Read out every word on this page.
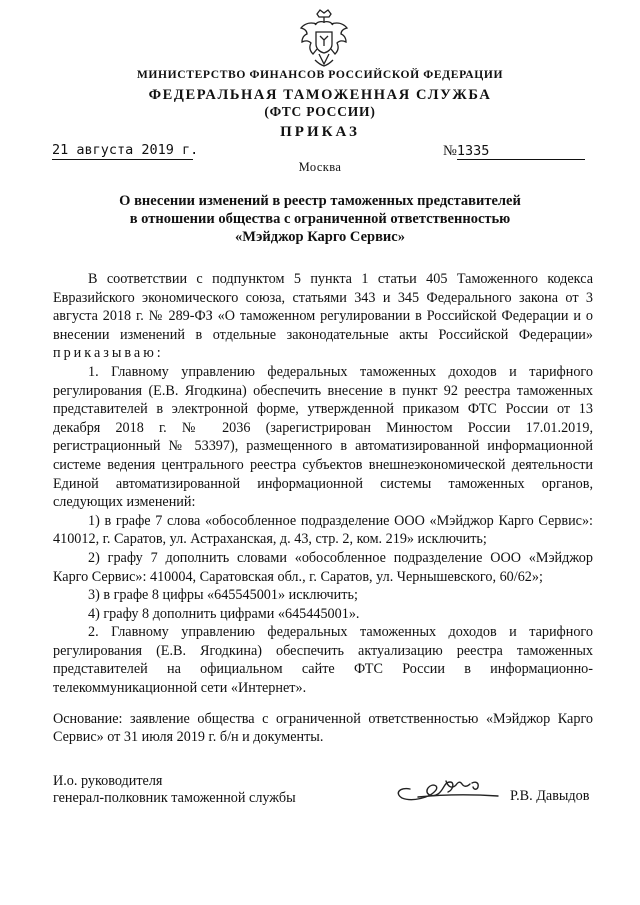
МИНИСТЕРСТВО ФИНАНСОВ РОССИЙСКОЙ ФЕДЕРАЦИИ
ФЕДЕРАЛЬНАЯ ТАМОЖЕННАЯ СЛУЖБА
(ФТС РОССИИ)
ПРИКАЗ
21 августа 2019 г.	№1335
Москва
О внесении изменений в реестр таможенных представителей
в отношении общества с ограниченной ответственностью
«Мэйджор Карго Сервис»

В соответствии с подпунктом 5 пункта 1 статьи 405 Таможенного кодекса Евразийского экономического союза, статьями 343 и 345 Федерального закона от 3 августа 2018 г. № 289-ФЗ «О таможенном регулировании в Российской Федерации и о внесении изменений в отдельные законодательные акты Российской Федерации» приказываю:

1. Главному управлению федеральных таможенных доходов и тарифного регулирования (Е.В. Ягодкина) обеспечить внесение в пункт 92 реестра таможенных представителей в электронной форме, утвержденной приказом ФТС России от 13 декабря 2018 г. № 2036 (зарегистрирован Минюстом России 17.01.2019, регистрационный № 53397), размещенного в автоматизированной информационной системе ведения центрального реестра субъектов внешнеэкономической деятельности Единой автоматизированной информационной системы таможенных органов, следующих изменений:

1) в графе 7 слова «обособленное подразделение ООО «Мэйджор Карго Сервис»: 410012, г. Саратов, ул. Астраханская, д. 43, стр. 2, ком. 219» исключить;

2) графу 7 дополнить словами «обособленное подразделение ООО «Мэйджор Карго Сервис»: 410004, Саратовская обл., г. Саратов, ул. Чернышевского, 60/62»;

3) в графе 8 цифры «645545001» исключить;

4) графу 8 дополнить цифрами «645445001».

2. Главному управлению федеральных таможенных доходов и тарифного регулирования (Е.В. Ягодкина) обеспечить актуализацию реестра таможенных представителей на официальном сайте ФТС России в информационно-телекоммуникационной сети «Интернет».

Основание: заявление общества с ограниченной ответственностью «Мэйджор Карго Сервис» от 31 июля 2019 г. б/н и документы.

И.о. руководителя
генерал-полковник таможенной службы	Р.В. Давыдов
